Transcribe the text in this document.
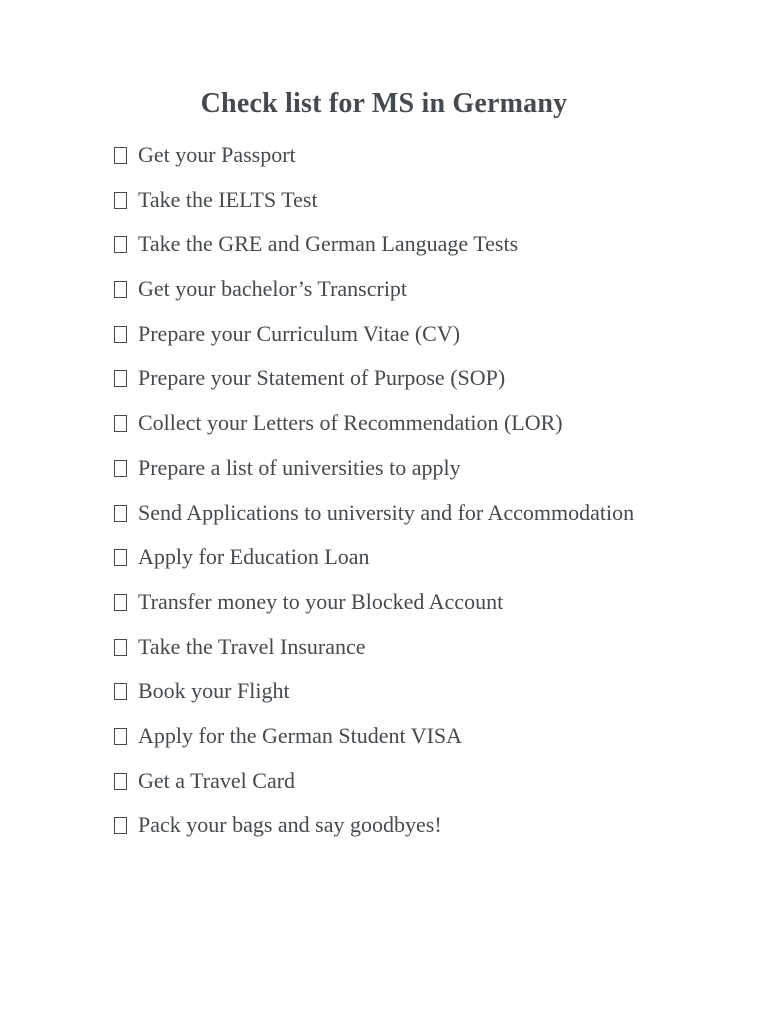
Check list for MS in Germany
Get your Passport
Take the IELTS Test
Take the GRE and German Language Tests
Get your bachelor’s Transcript
Prepare your Curriculum Vitae (CV)
Prepare your Statement of Purpose (SOP)
Collect your Letters of Recommendation (LOR)
Prepare a list of universities to apply
Send Applications to university and for Accommodation
Apply for Education Loan
Transfer money to your Blocked Account
Take the Travel Insurance
Book your Flight
Apply for the German Student VISA
Get a Travel Card
Pack your bags and say goodbyes!
